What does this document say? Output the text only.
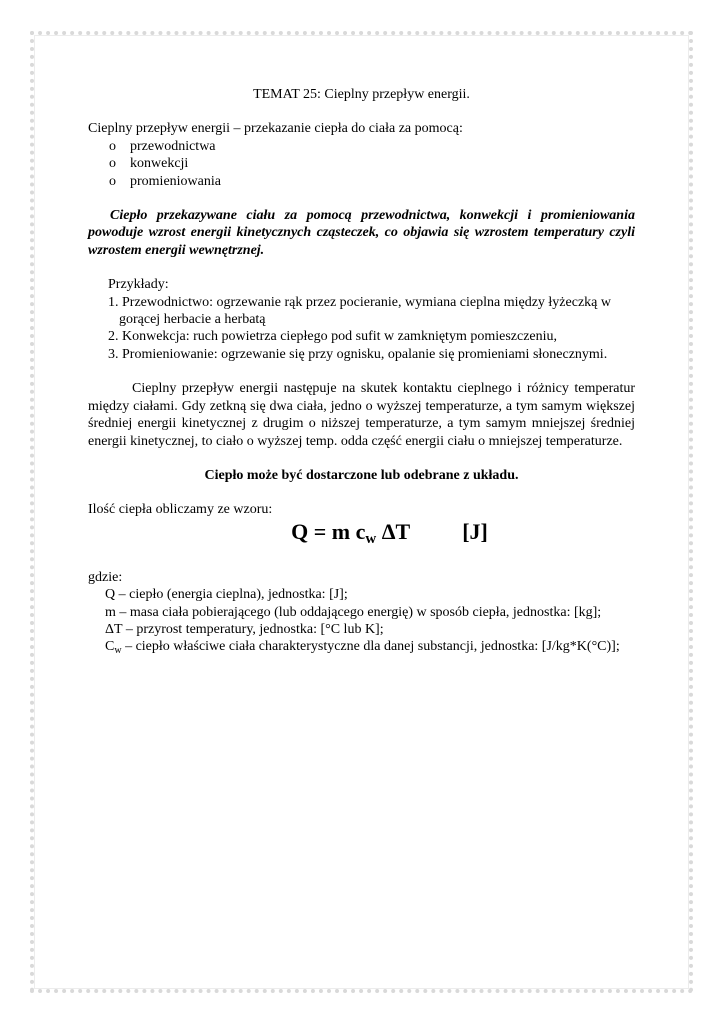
TEMAT 25: Cieplny przepływ energii.

Cieplny przepływ energii – przekazanie ciepła do ciała za pomocą:

o przewodnictwa
o konwekcji
o promieniowania

Ciepło przekazywane ciału za pomocą przewodnictwa, konwekcji i promieniowania powoduje wzrost energii kinetycznych cząsteczek, co objawia się wzrostem temperatury czyli wzrostem energii wewnętrznej.

Przykłady:

1. Przewodnictwo: ogrzewanie rąk przez pocieranie, wymiana cieplna między łyżeczką w gorącej herbacie a herbatą

2. Konwekcja: ruch powietrza ciepłego pod sufit w zamkniętym pomieszczeniu,

3. Promieniowanie: ogrzewanie się przy ognisku, opalanie się promieniami słonecznymi.

Cieplny przepływ energii następuje na skutek kontaktu cieplnego i różnicy temperatur między ciałami. Gdy zetkną się dwa ciała, jedno o wyższej temperaturze, a tym samym większej średniej energii kinetycznej z drugim o niższej temperaturze, a tym samym mniejszej średniej energii kinetycznej, to ciało o wyższej temp. odda część energii ciału o mniejszej temperaturze.

Ciepło może być dostarczone lub odebrane z układu.

Ilość ciepła obliczamy ze wzoru:

Q = m cw ΔT [J]

gdzie:

Q – ciepło (energia cieplna), jednostka: [J];

m – masa ciała pobierającego (lub oddającego energię) w sposób ciepła, jednostka: [kg];

ΔT – przyrost temperatury, jednostka: [°C lub K];

$C_w$ – ciepło właściwe ciała charakterystyczne dla danej substancji, jednostka: [J/kg*K(°C)];
